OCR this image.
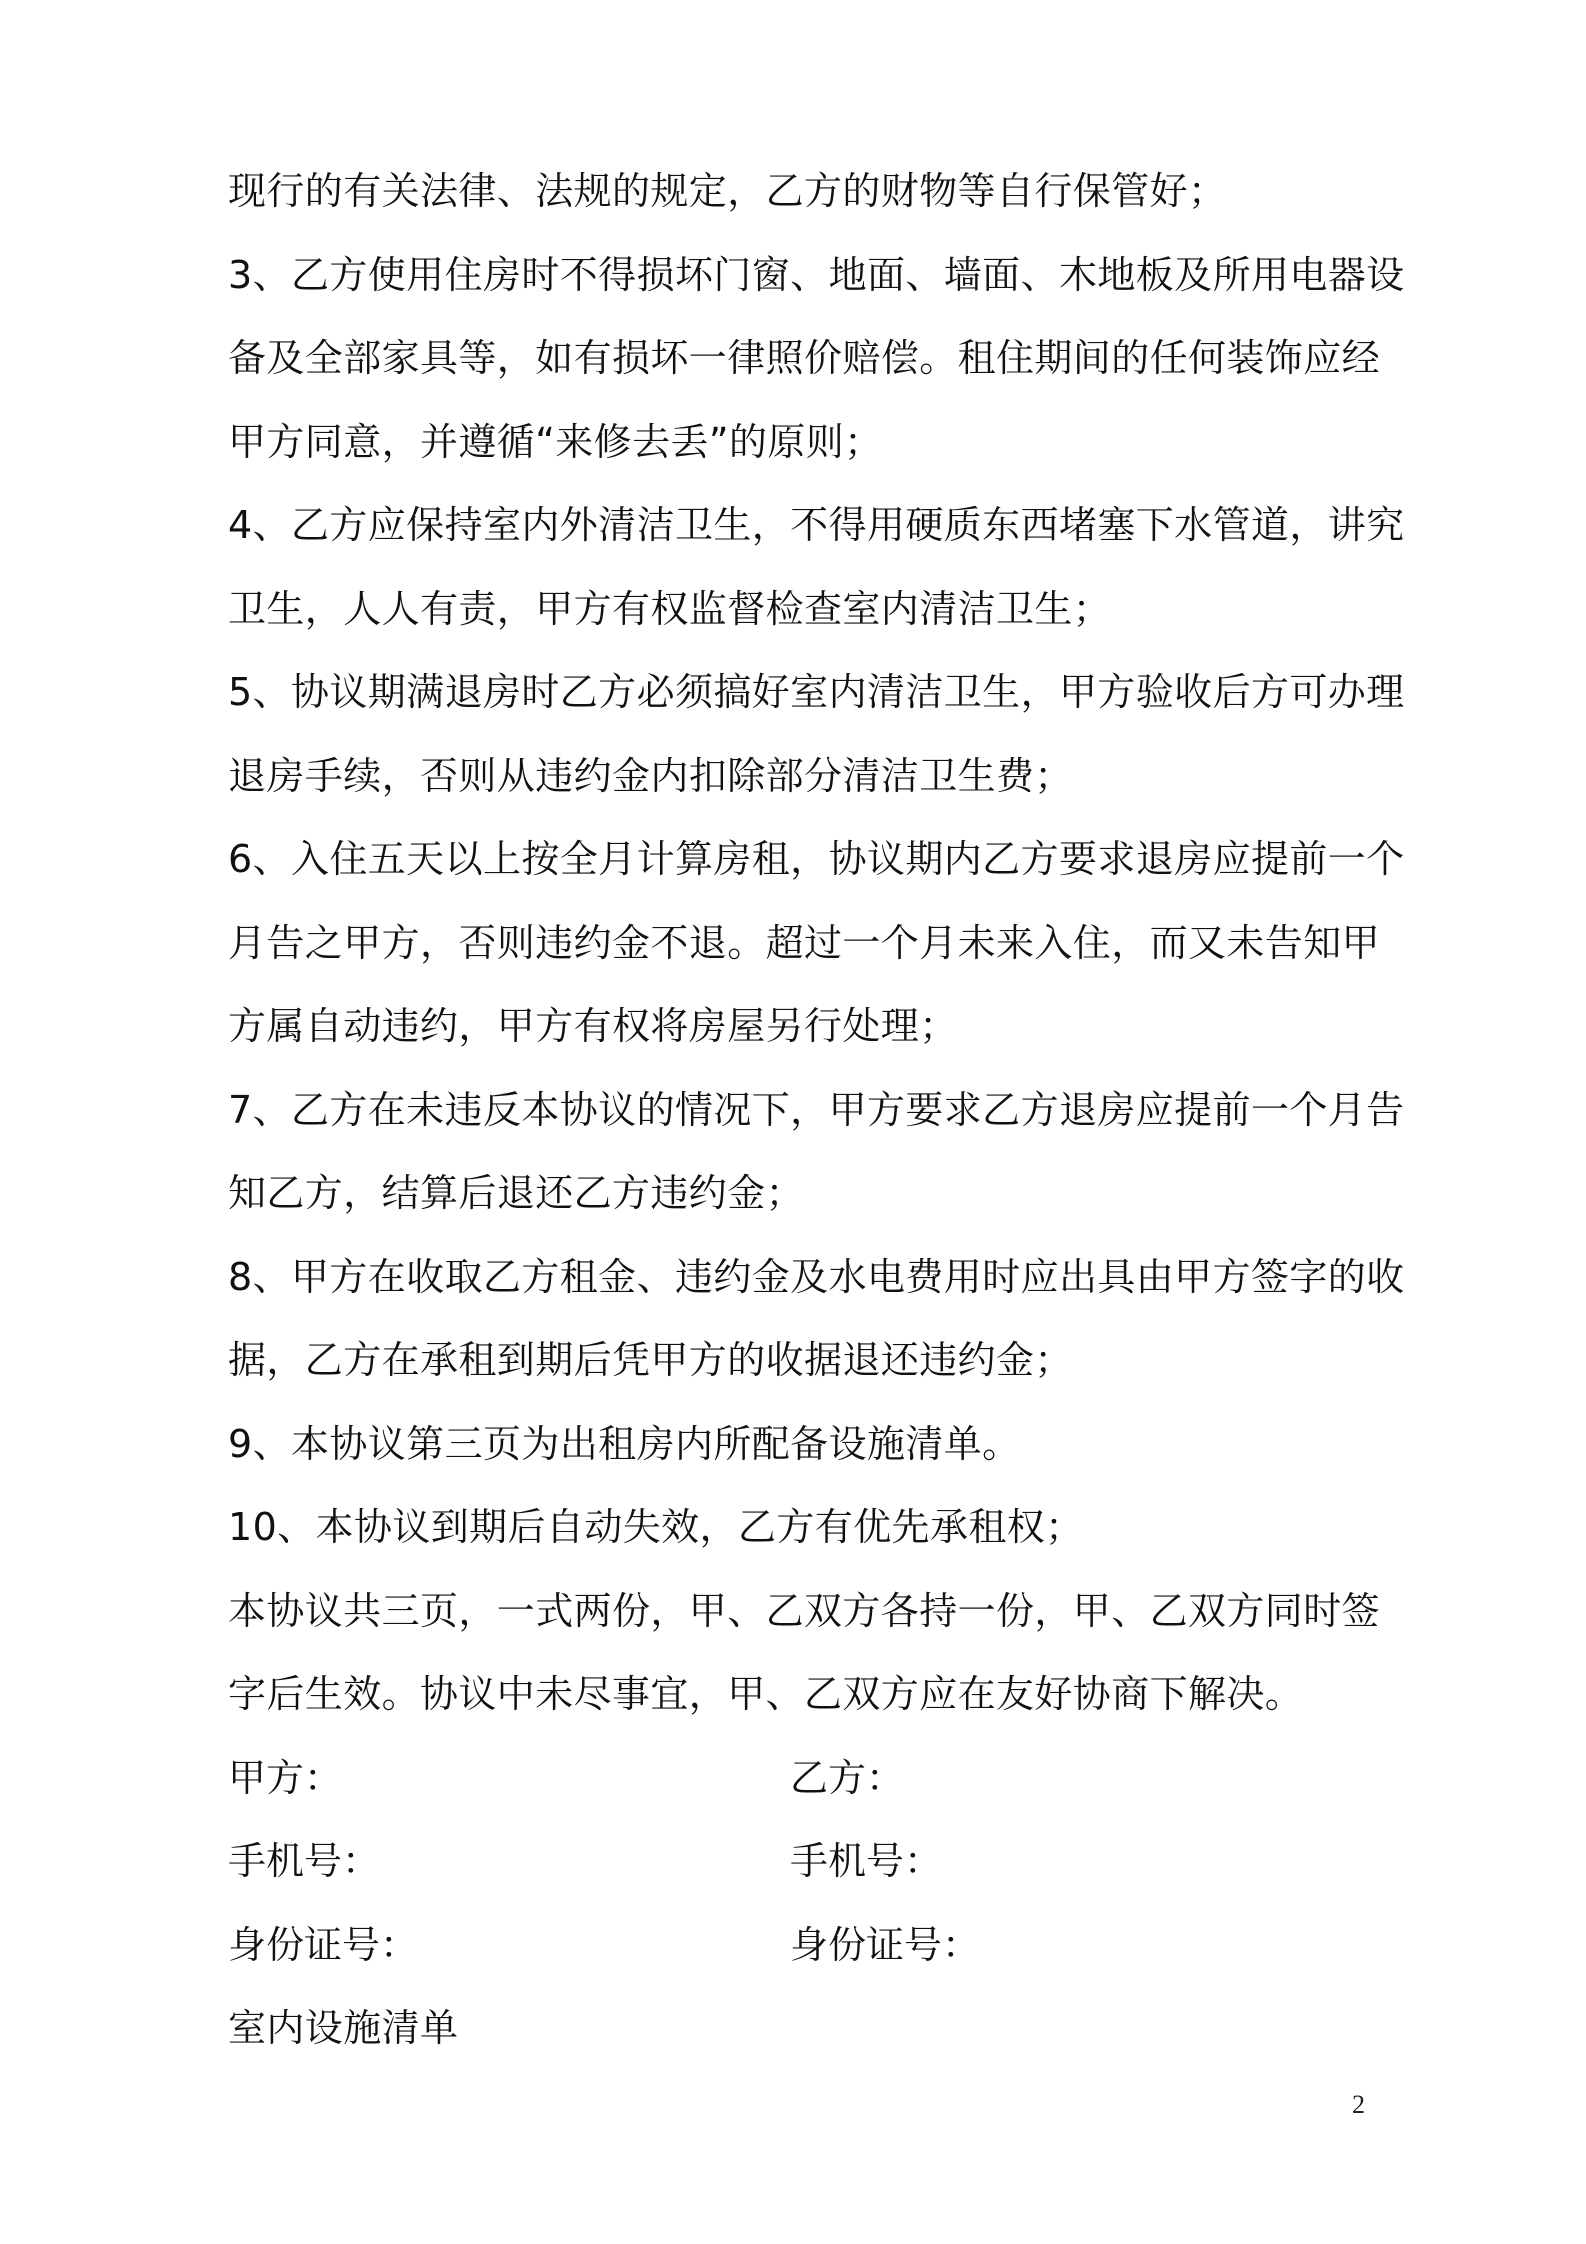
现行的有关法律、法规的规定，乙方的财物等自行保管好；
3、乙方使用住房时不得损坏门窗、地面、墙面、木地板及所用电器设
备及全部家具等，如有损坏一律照价赔偿。租住期间的任何装饰应经
甲方同意，并遵循“来修去丢”的原则；
4、乙方应保持室内外清洁卫生，不得用硬质东西堵塞下水管道，讲究
卫生，人人有责，甲方有权监督检查室内清洁卫生；
5、协议期满退房时乙方必须搞好室内清洁卫生，甲方验收后方可办理
退房手续，否则从违约金内扣除部分清洁卫生费；
6、入住五天以上按全月计算房租，协议期内乙方要求退房应提前一个
月告之甲方，否则违约金不退。超过一个月未来入住，而又未告知甲
方属自动违约，甲方有权将房屋另行处理；
7、乙方在未违反本协议的情况下，甲方要求乙方退房应提前一个月告
知乙方，结算后退还乙方违约金；
8、甲方在收取乙方租金、违约金及水电费用时应出具由甲方签字的收
据，乙方在承租到期后凭甲方的收据退还违约金；
9、本协议第三页为出租房内所配备设施清单。
10、本协议到期后自动失效，乙方有优先承租权；
本协议共三页，一式两份，甲、乙双方各持一份，甲、乙双方同时签
字后生效。协议中未尽事宜，甲、乙双方应在友好协商下解决。
甲方：	乙方：
手机号：	手机号：
身份证号：	身份证号：
室内设施清单
2
